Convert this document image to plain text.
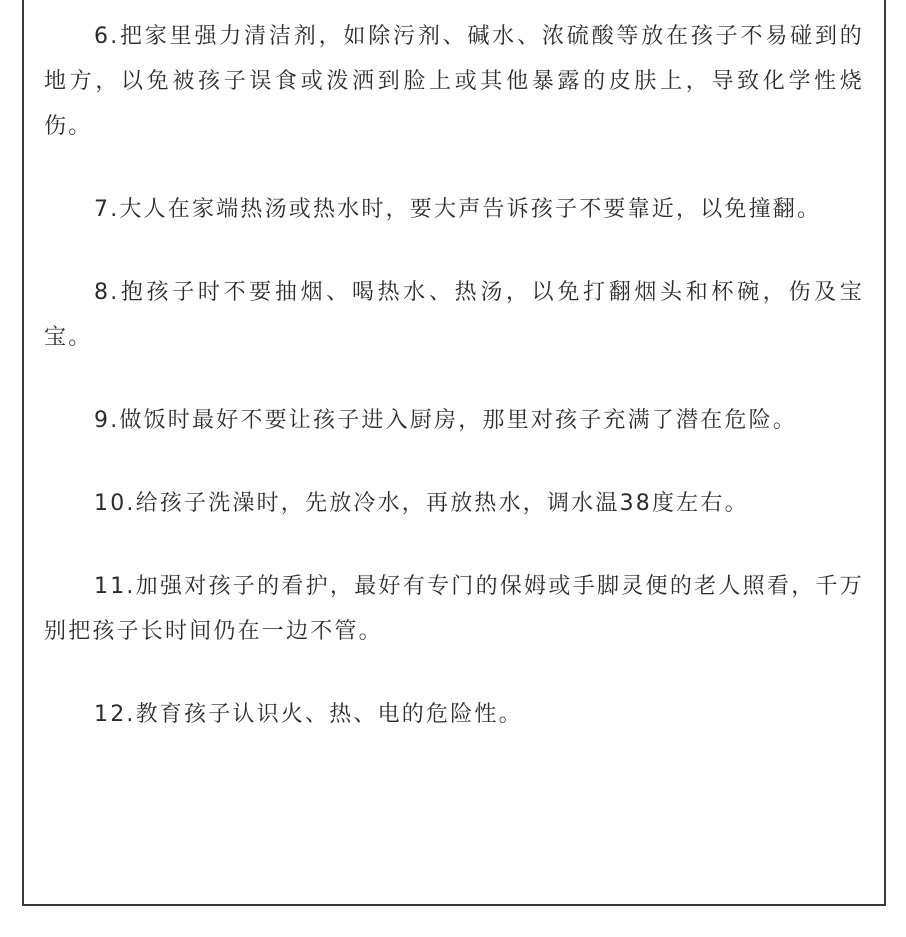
6.把家里强力清洁剂，如除污剂、碱水、浓硫酸等放在孩子不易碰到的地方，以免被孩子误食或泼洒到脸上或其他暴露的皮肤上，导致化学性烧伤。

7.大人在家端热汤或热水时，要大声告诉孩子不要靠近，以免撞翻。

8.抱孩子时不要抽烟、喝热水、热汤，以免打翻烟头和杯碗，伤及宝宝。

9.做饭时最好不要让孩子进入厨房，那里对孩子充满了潜在危险。

10.给孩子洗澡时，先放冷水，再放热水，调水温38度左右。

11.加强对孩子的看护，最好有专门的保姆或手脚灵便的老人照看，千万别把孩子长时间仍在一边不管。

12.教育孩子认识火、热、电的危险性。
